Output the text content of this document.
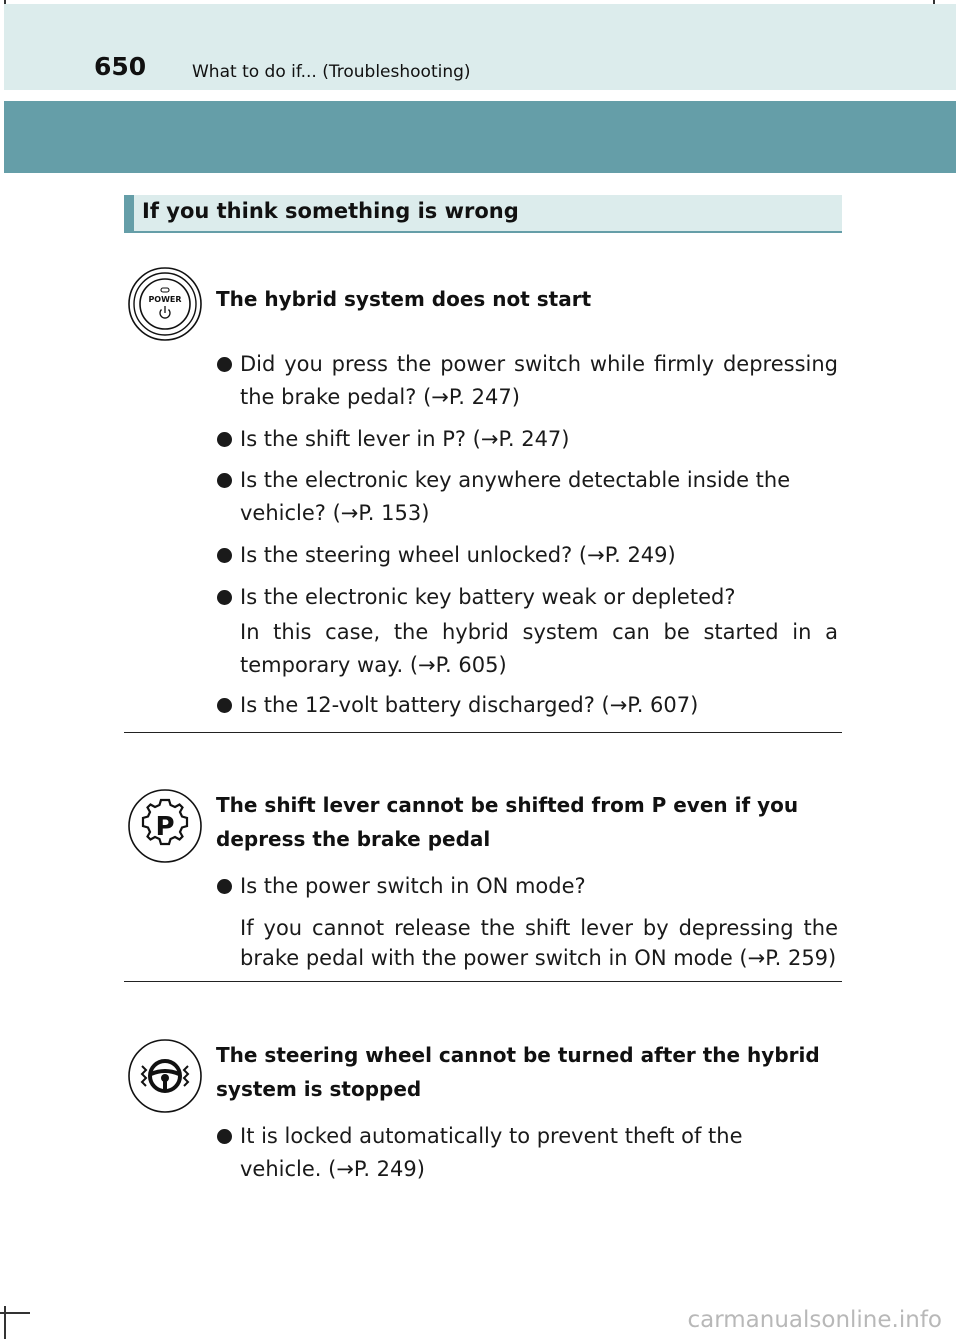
650	What to do if... (Troubleshooting)
If you think something is wrong
POWER The hybrid system does not start
Did you press the power switch while firmly depressing the brake pedal? (→P. 247)
Is the shift lever in P? (→P. 247)
Is the electronic key anywhere detectable inside the vehicle? (→P. 153)
Is the steering wheel unlocked? (→P. 249)
Is the electronic key battery weak or depleted?
In this case, the hybrid system can be started in a temporary way. (→P. 605)
Is the 12-volt battery discharged? (→P. 607)
P
The shift lever cannot be shifted from P even if you depress the brake pedal
Is the power switch in ON mode?
If you cannot release the shift lever by depressing the brake pedal with the power switch in ON mode (→P. 259)
The steering wheel cannot be turned after the hybrid system is stopped
It is locked automatically to prevent theft of the vehicle. (→P. 249)
carmanualsonline.info
